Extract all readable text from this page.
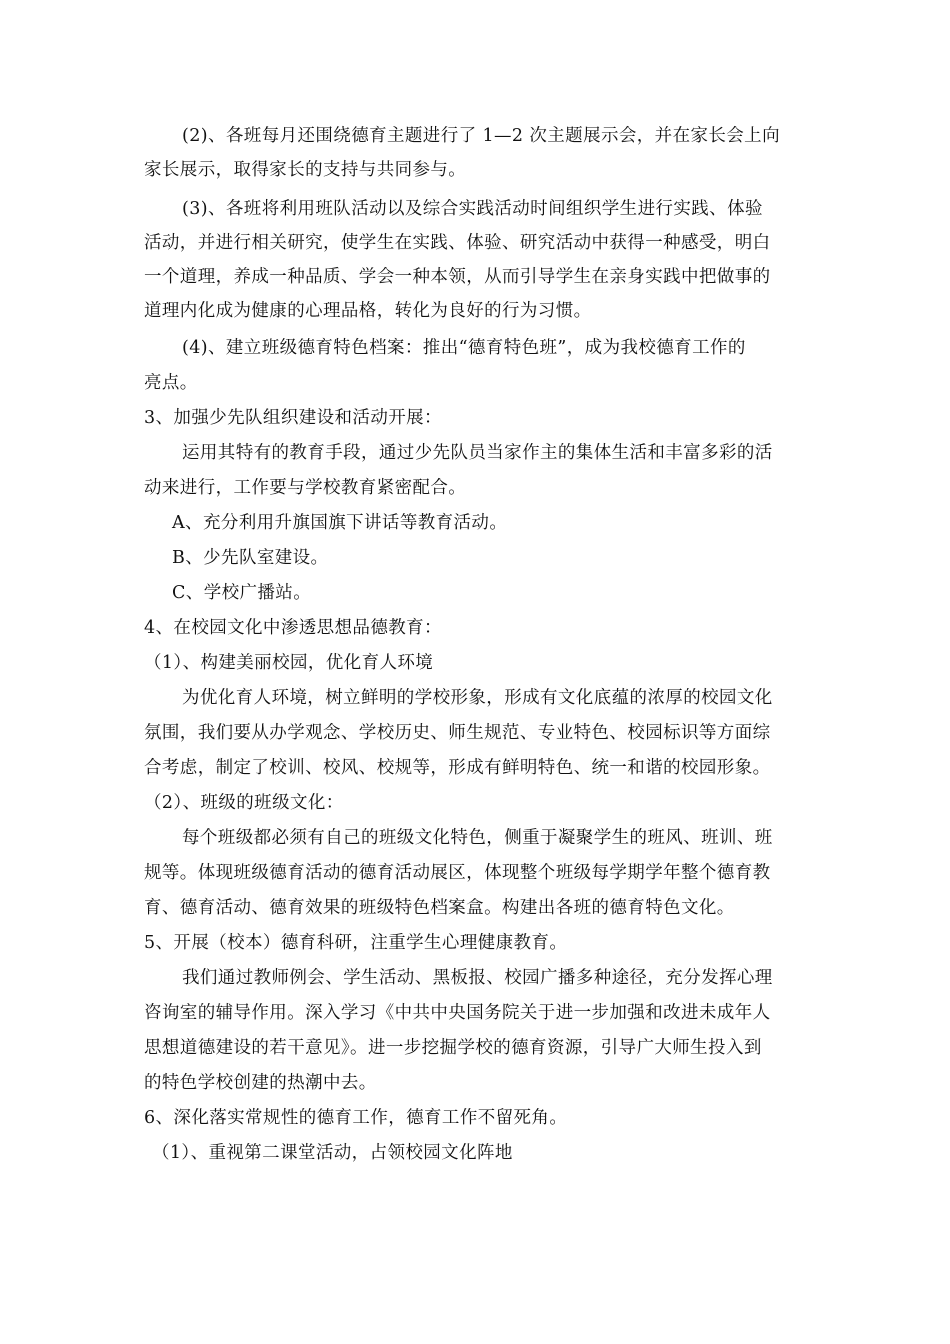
(2)、各班每月还围绕德育主题进行了 1—2 次主题展示会，并在家长会上向
家长展示，取得家长的支持与共同参与。
(3)、各班将利用班队活动以及综合实践活动时间组织学生进行实践、体验
活动，并进行相关研究，使学生在实践、体验、研究活动中获得一种感受，明白
一个道理，养成一种品质、学会一种本领，从而引导学生在亲身实践中把做事的
道理内化成为健康的心理品格，转化为良好的行为习惯。
(4)、建立班级德育特色档案：推出“德育特色班”，成为我校德育工作的
亮点。
3、加强少先队组织建设和活动开展：
运用其特有的教育手段，通过少先队员当家作主的集体生活和丰富多彩的活
动来进行，工作要与学校教育紧密配合。
A、充分利用升旗国旗下讲话等教育活动。
B、少先队室建设。
C、学校广播站。
4、在校园文化中渗透思想品德教育：
（1）、构建美丽校园，优化育人环境
为优化育人环境，树立鲜明的学校形象，形成有文化底蕴的浓厚的校园文化
氛围，我们要从办学观念、学校历史、师生规范、专业特色、校园标识等方面综
合考虑，制定了校训、校风、校规等，形成有鲜明特色、统一和谐的校园形象。
（2）、班级的班级文化：
每个班级都必须有自己的班级文化特色，侧重于凝聚学生的班风、班训、班
规等。体现班级德育活动的德育活动展区，体现整个班级每学期学年整个德育教
育、德育活动、德育效果的班级特色档案盒。构建出各班的德育特色文化。
5、开展（校本）德育科研，注重学生心理健康教育。
我们通过教师例会、学生活动、黑板报、校园广播多种途径，充分发挥心理
咨询室的辅导作用。深入学习《中共中央国务院关于进一步加强和改进未成年人
思想道德建设的若干意见》。进一步挖掘学校的德育资源，引导广大师生投入到
的特色学校创建的热潮中去。
6、深化落实常规性的德育工作，德育工作不留死角。
（1）、重视第二课堂活动，占领校园文化阵地
